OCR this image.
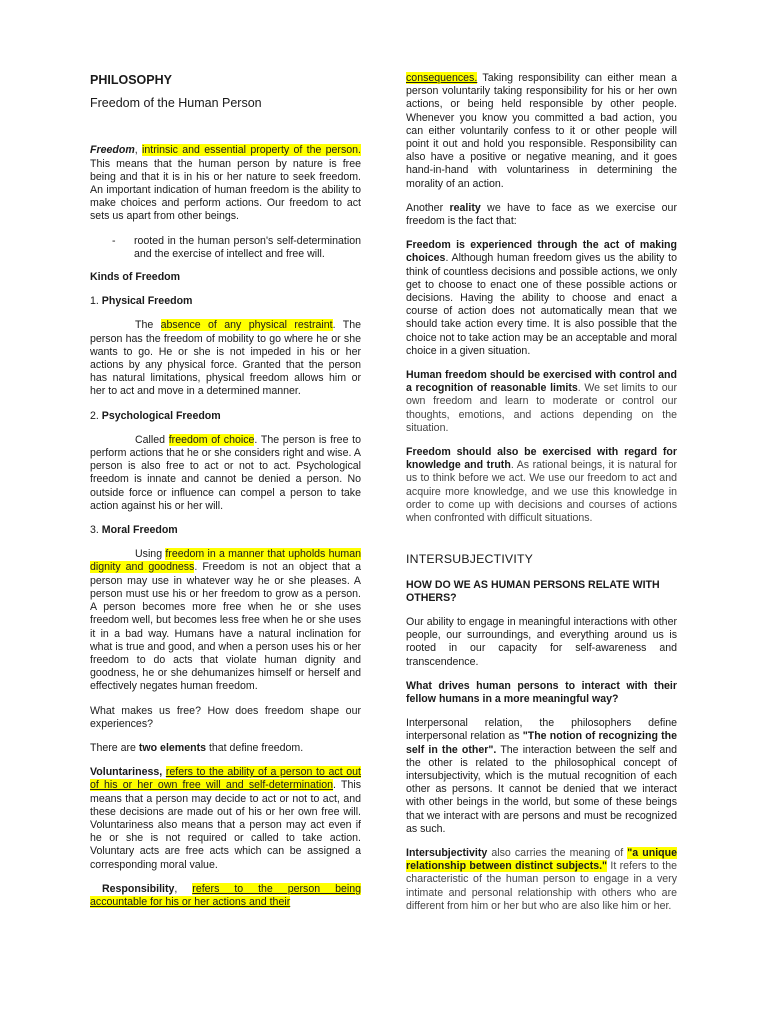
PHILOSOPHY
Freedom of the Human Person

Freedom, intrinsic and essential property of the person. This means that the human person by nature is free being and that it is in his or her nature to seek freedom. An important indication of human freedom is the ability to make choices and perform actions. Our freedom to act sets us apart from other beings.

-	rooted in the human person's self-determination and the exercise of intellect and free will.

Kinds of Freedom

1. Physical Freedom

The absence of any physical restraint. The person has the freedom of mobility to go where he or she wants to go. He or she is not impeded in his or her actions by any physical force. Granted that the person has natural limitations, physical freedom allows him or her to act and move in a determined manner.

2. Psychological Freedom

Called freedom of choice. The person is free to perform actions that he or she considers right and wise. A person is also free to act or not to act. Psychological freedom is innate and cannot be denied a person. No outside force or influence can compel a person to take action against his or her will.

3. Moral Freedom

Using freedom in a manner that upholds human dignity and goodness. Freedom is not an object that a person may use in whatever way he or she pleases. A person must use his or her freedom to grow as a person. A person becomes more free when he or she uses freedom well, but becomes less free when he or she uses it in a bad way. Humans have a natural inclination for what is true and good, and when a person uses his or her freedom to do acts that violate human dignity and goodness, he or she dehumanizes himself or herself and effectively negates human freedom.

What makes us free? How does freedom shape our experiences?

There are two elements that define freedom.

Voluntariness, refers to the ability of a person to act out of his or her own free will and self-determination. This means that a person may decide to act or not to act, and these decisions are made out of his or her own free will. Voluntariness also means that a person may act even if he or she is not required or called to take action. Voluntary acts are free acts which can be assigned a corresponding moral value.

Responsibility, refers to the person being accountable for his or her actions and their

consequences. Taking responsibility can either mean a person voluntarily taking responsibility for his or her own actions, or being held responsible by other people. Whenever you know you committed a bad action, you can either voluntarily confess to it or other people will point it out and hold you responsible. Responsibility can also have a positive or negative meaning, and it goes hand-in-hand with voluntariness in determining the morality of an action.

Another reality we have to face as we exercise our freedom is the fact that:

Freedom is experienced through the act of making choices. Although human freedom gives us the ability to think of countless decisions and possible actions, we only get to choose to enact one of these possible actions or decisions. Having the ability to choose and enact a course of action does not automatically mean that we should take action every time. It is also possible that the choice not to take action may be an acceptable and moral choice in a given situation.

Human freedom should be exercised with control and a recognition of reasonable limits. We set limits to our own freedom and learn to moderate or control our thoughts, emotions, and actions depending on the situation.

Freedom should also be exercised with regard for knowledge and truth. As rational beings, it is natural for us to think before we act. We use our freedom to act and acquire more knowledge, and we use this knowledge in order to come up with decisions and courses of actions when confronted with difficult situations.

INTERSUBJECTIVITY

HOW DO WE AS HUMAN PERSONS RELATE WITH OTHERS?

Our ability to engage in meaningful interactions with other people, our surroundings, and everything around us is rooted in our capacity for self-awareness and transcendence.

What drives human persons to interact with their fellow humans in a more meaningful way?

Interpersonal relation, the philosophers define interpersonal relation as "The notion of recognizing the self in the other". The interaction between the self and the other is related to the philosophical concept of intersubjectivity, which is the mutual recognition of each other as persons. It cannot be denied that we interact with other beings in the world, but some of these beings that we interact with are persons and must be recognized as such.

Intersubjectivity also carries the meaning of "a unique relationship between distinct subjects." It refers to the characteristic of the human person to engage in a very intimate and personal relationship with others who are different from him or her but who are also like him or her.
